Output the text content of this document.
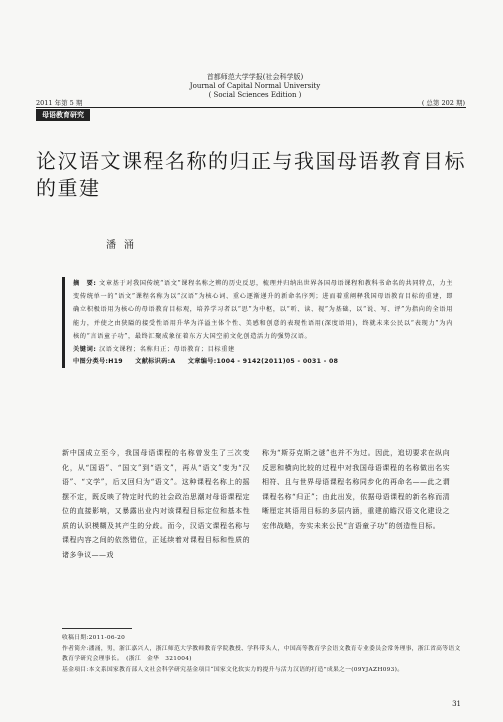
首都师范大学学报(社会科学版)
Journal of Capital Normal University
( Social Sciences Edition )
2011 年第 5 期	( 总第 202 期)
母语教育研究
论汉语文课程名称的归正与我国母语教育目标的重建
潘涌
摘　要: 文章基于对我国传统“语文”课程名称之辨的历史反思，梳理并归纳出世界各国母语课程和教科书命名的共同特点，力主变传统单一的“语文”课程名称为以“汉语”为核心词、重心逐渐递升的新命名序列；进而着重阐释我国母语教育目标的重建，即确立积极语用为核心的母语教育目标观，培养学习者以“思”为中枢，以“听、读、视”为基础，以“说、写、评”为指向的全语用能力，并使之由狭隘的接受性语用升华为洋溢主体个性、美感和创意的表现性语用(深度语用)，终就未来公民以“表现力”为内核的“言语童子功”，最终汇聚成象征着东方大国空前文化创造活力的强势汉语。
关键词: 汉语文课程；名称归正；母语教育；目标重建
中图分类号:H19 文献标识码:A 文章编号:1004 - 9142(2011)05 - 0031 - 08
新中国成立至今，我国母语课程的名称曾发生了三次变化，从“国语”、“国文”到“语文”，再从“语文”变为“汉语”、“文学”，后又回归为“语文”。这种课程名称上的摇摆不定，既反映了特定时代的社会政治思潮对母语课程定位的直接影响，又暴露出业内对该课程目标定位和基本性质的认识模糊及其产生的分歧。而今，汉语文课程名称与课程内容之间的依然错位，正延续着对课程目标和性质的诸多争议——戏
称为“斯芬克斯之谜”也并不为过。因此，追切要求在纵向反思和横向比较的过程中对我国母语课程的名称做出名实相符、且与世界母语课程名称同步化的再命名——此之谓课程名称“归正”；由此出发，依据母语课程的新名称而清晰厘定其语用目标的多层内涵，重建前瞻汉语文化建设之宏伟战略，夯实未来公民“言语童子功”的创造性目标。
收稿日期:2011-06-20
作者简介:潘涌，男，浙江嘉兴人，浙江师范大学教师教育学院教授、学科带头人，中国高等教育学会语文教育专业委员会常务理事，浙江省高等语文教育学研究会理事长。　(浙江　金华　321004)
基金项目:本文系国家教育部人文社会科学研究基金项目“国家文化软实力的提升与活力汉语的打造”成果之一(09YJAZH093)。
31
